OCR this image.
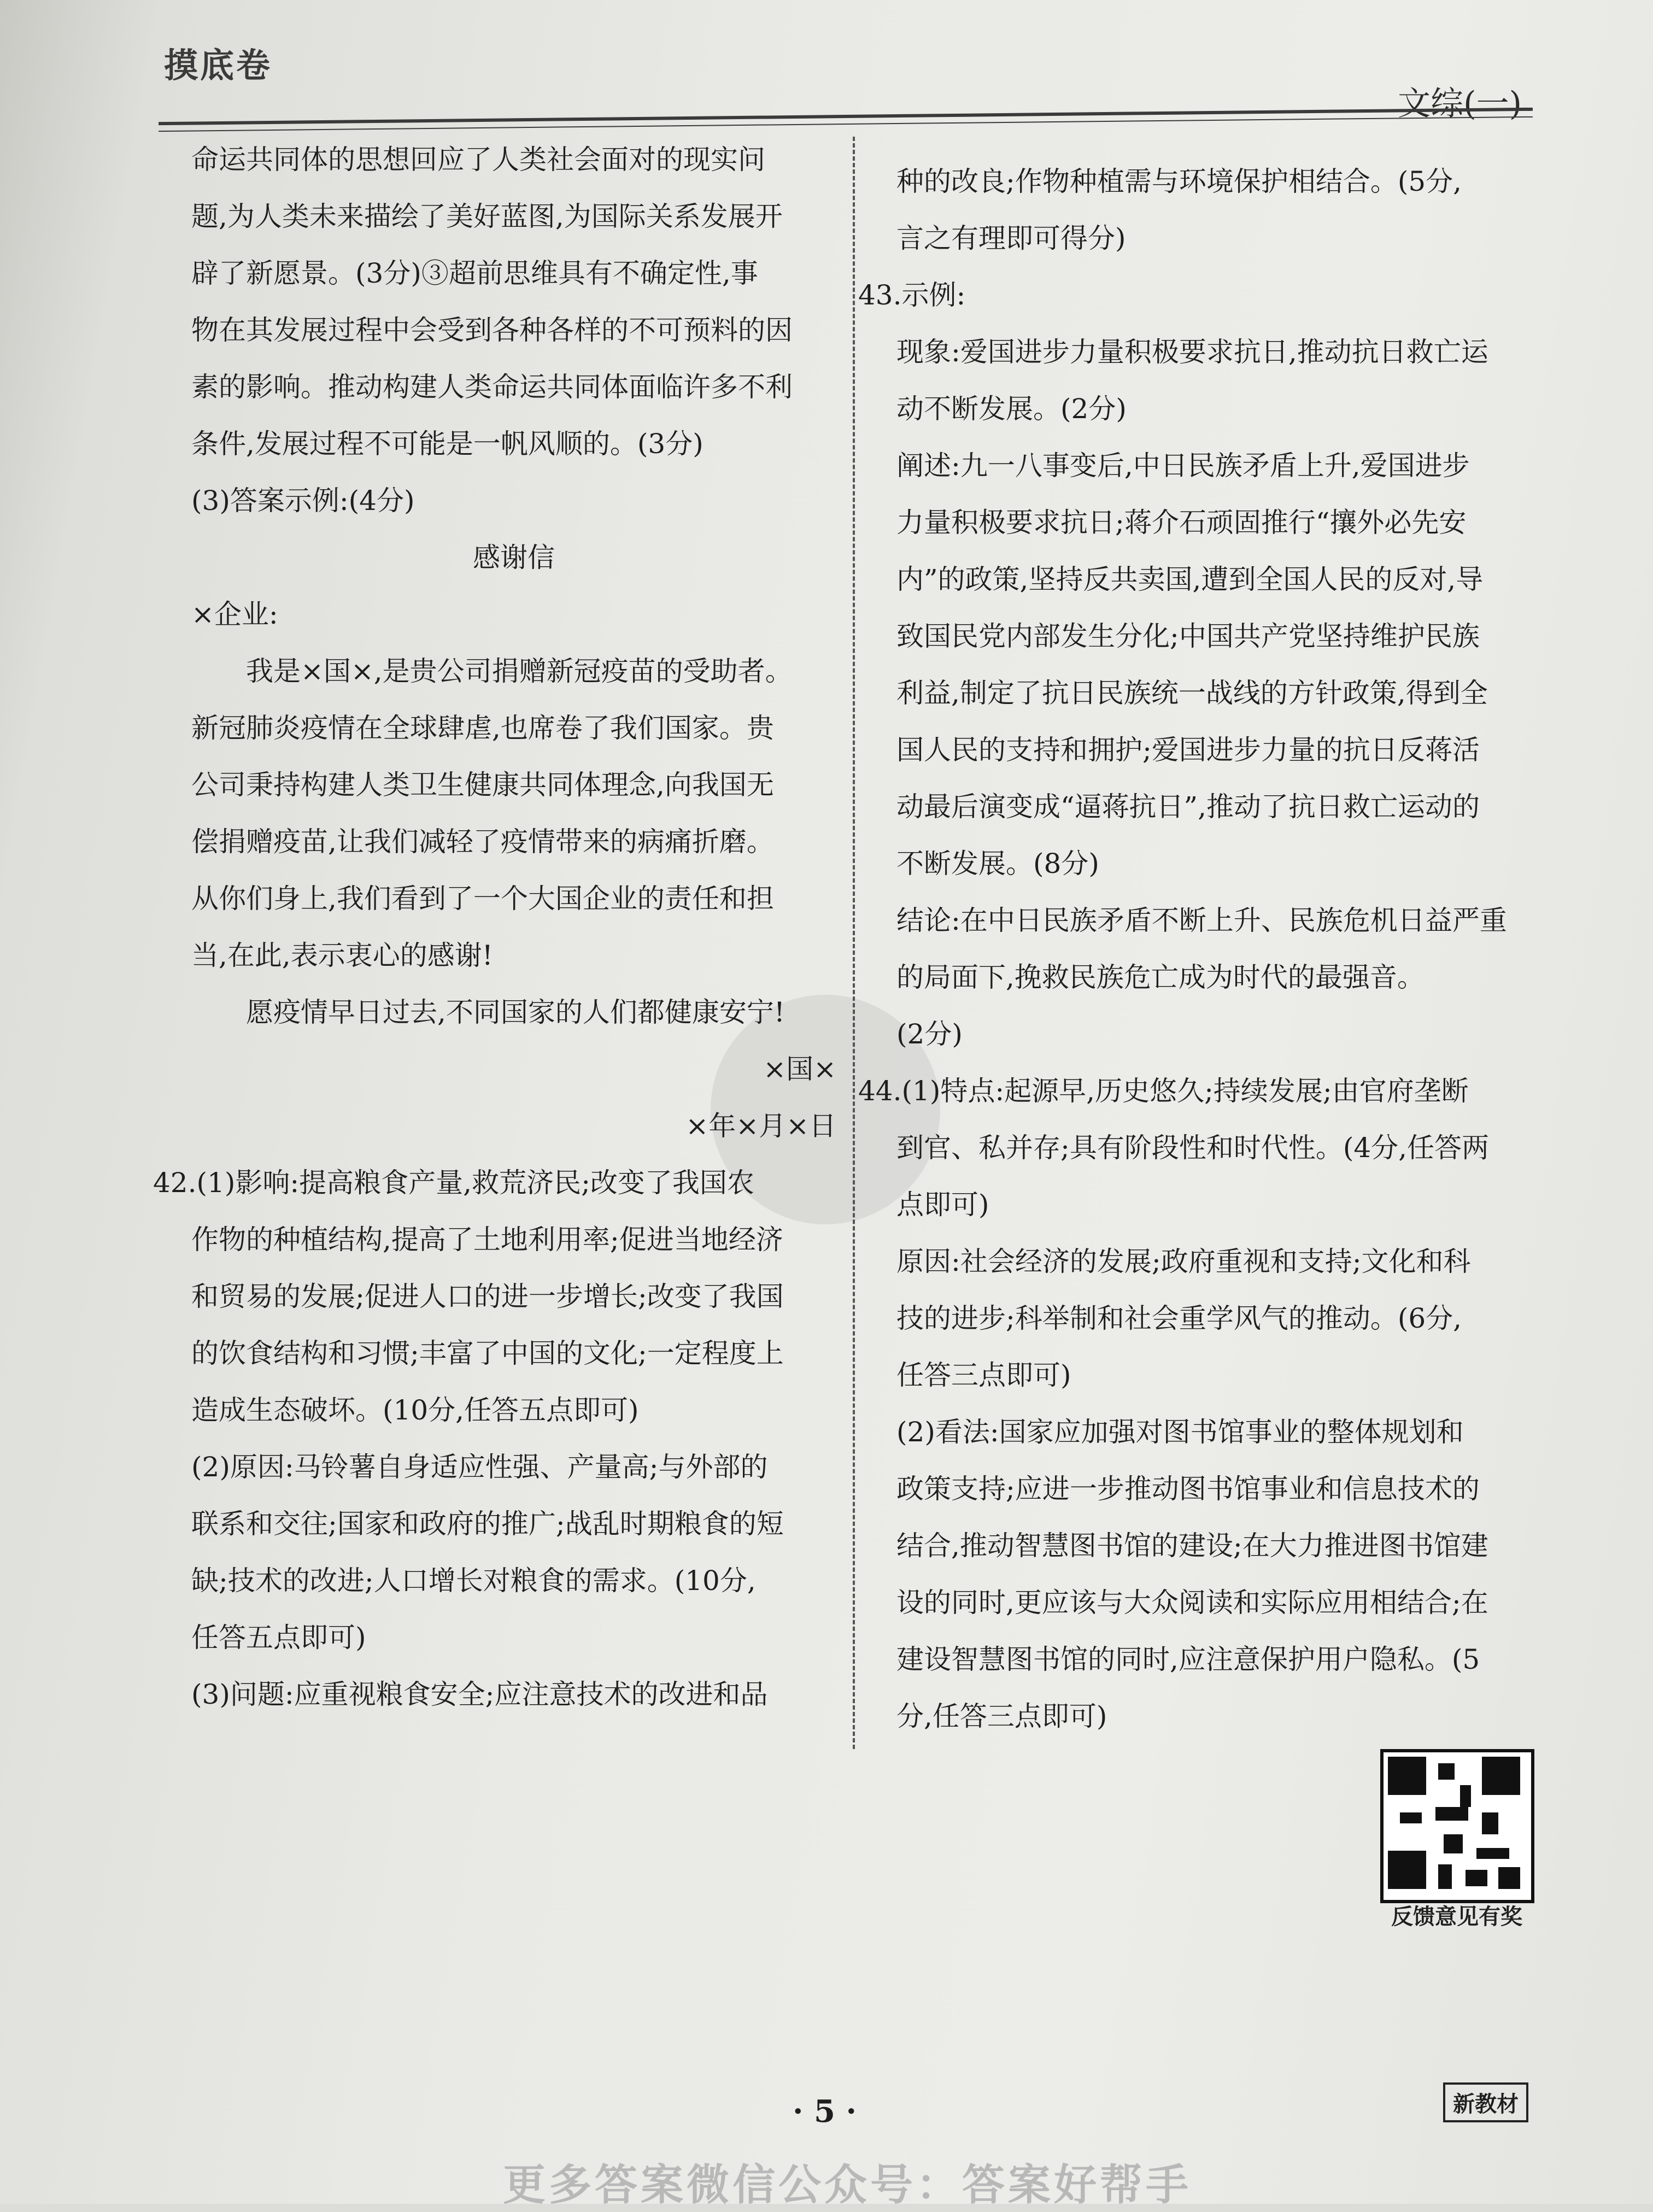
摸底卷
文综(一)

命运共同体的思想回应了人类社会面对的现实问

题,为人类未来描绘了美好蓝图,为国际关系发展开

辟了新愿景。(3分)③超前思维具有不确定性,事

物在其发展过程中会受到各种各样的不可预料的因

素的影响。推动构建人类命运共同体面临许多不利

条件,发展过程不可能是一帆风顺的。(3分)

(3)答案示例:(4分)

感谢信

×企业:

我是×国×,是贵公司捐赠新冠疫苗的受助者。

新冠肺炎疫情在全球肆虐,也席卷了我们国家。贵

公司秉持构建人类卫生健康共同体理念,向我国无

偿捐赠疫苗,让我们减轻了疫情带来的病痛折磨。

从你们身上,我们看到了一个大国企业的责任和担

当,在此,表示衷心的感谢!

愿疫情早日过去,不同国家的人们都健康安宁!

×国×

×年×月×日

42.(1)影响:提高粮食产量,救荒济民;改变了我国农

作物的种植结构,提高了土地利用率;促进当地经济

和贸易的发展;促进人口的进一步增长;改变了我国

的饮食结构和习惯;丰富了中国的文化;一定程度上

造成生态破坏。(10分,任答五点即可)

(2)原因:马铃薯自身适应性强、产量高;与外部的

联系和交往;国家和政府的推广;战乱时期粮食的短

缺;技术的改进;人口增长对粮食的需求。(10分,

任答五点即可)

(3)问题:应重视粮食安全;应注意技术的改进和品

种的改良;作物种植需与环境保护相结合。(5分,

言之有理即可得分)

43.示例:

现象:爱国进步力量积极要求抗日,推动抗日救亡运

动不断发展。(2分)

阐述:九一八事变后,中日民族矛盾上升,爱国进步

力量积极要求抗日;蒋介石顽固推行“攘外必先安

内”的政策,坚持反共卖国,遭到全国人民的反对,导

致国民党内部发生分化;中国共产党坚持维护民族

利益,制定了抗日民族统一战线的方针政策,得到全

国人民的支持和拥护;爱国进步力量的抗日反蒋活

动最后演变成“逼蒋抗日”,推动了抗日救亡运动的

不断发展。(8分)

结论:在中日民族矛盾不断上升、民族危机日益严重

的局面下,挽救民族危亡成为时代的最强音。

(2分)

44.(1)特点:起源早,历史悠久;持续发展;由官府垄断

到官、私并存;具有阶段性和时代性。(4分,任答两

点即可)

原因:社会经济的发展;政府重视和支持;文化和科

技的进步;科举制和社会重学风气的推动。(6分,

任答三点即可)

(2)看法:国家应加强对图书馆事业的整体规划和

政策支持;应进一步推动图书馆事业和信息技术的

结合,推动智慧图书馆的建设;在大力推进图书馆建

设的同时,更应该与大众阅读和实际应用相结合;在

建设智慧图书馆的同时,应注意保护用户隐私。(5

分,任答三点即可)

反馈意见有奖
· 5 ·	新教材
更多答案微信公众号：答案好帮手
